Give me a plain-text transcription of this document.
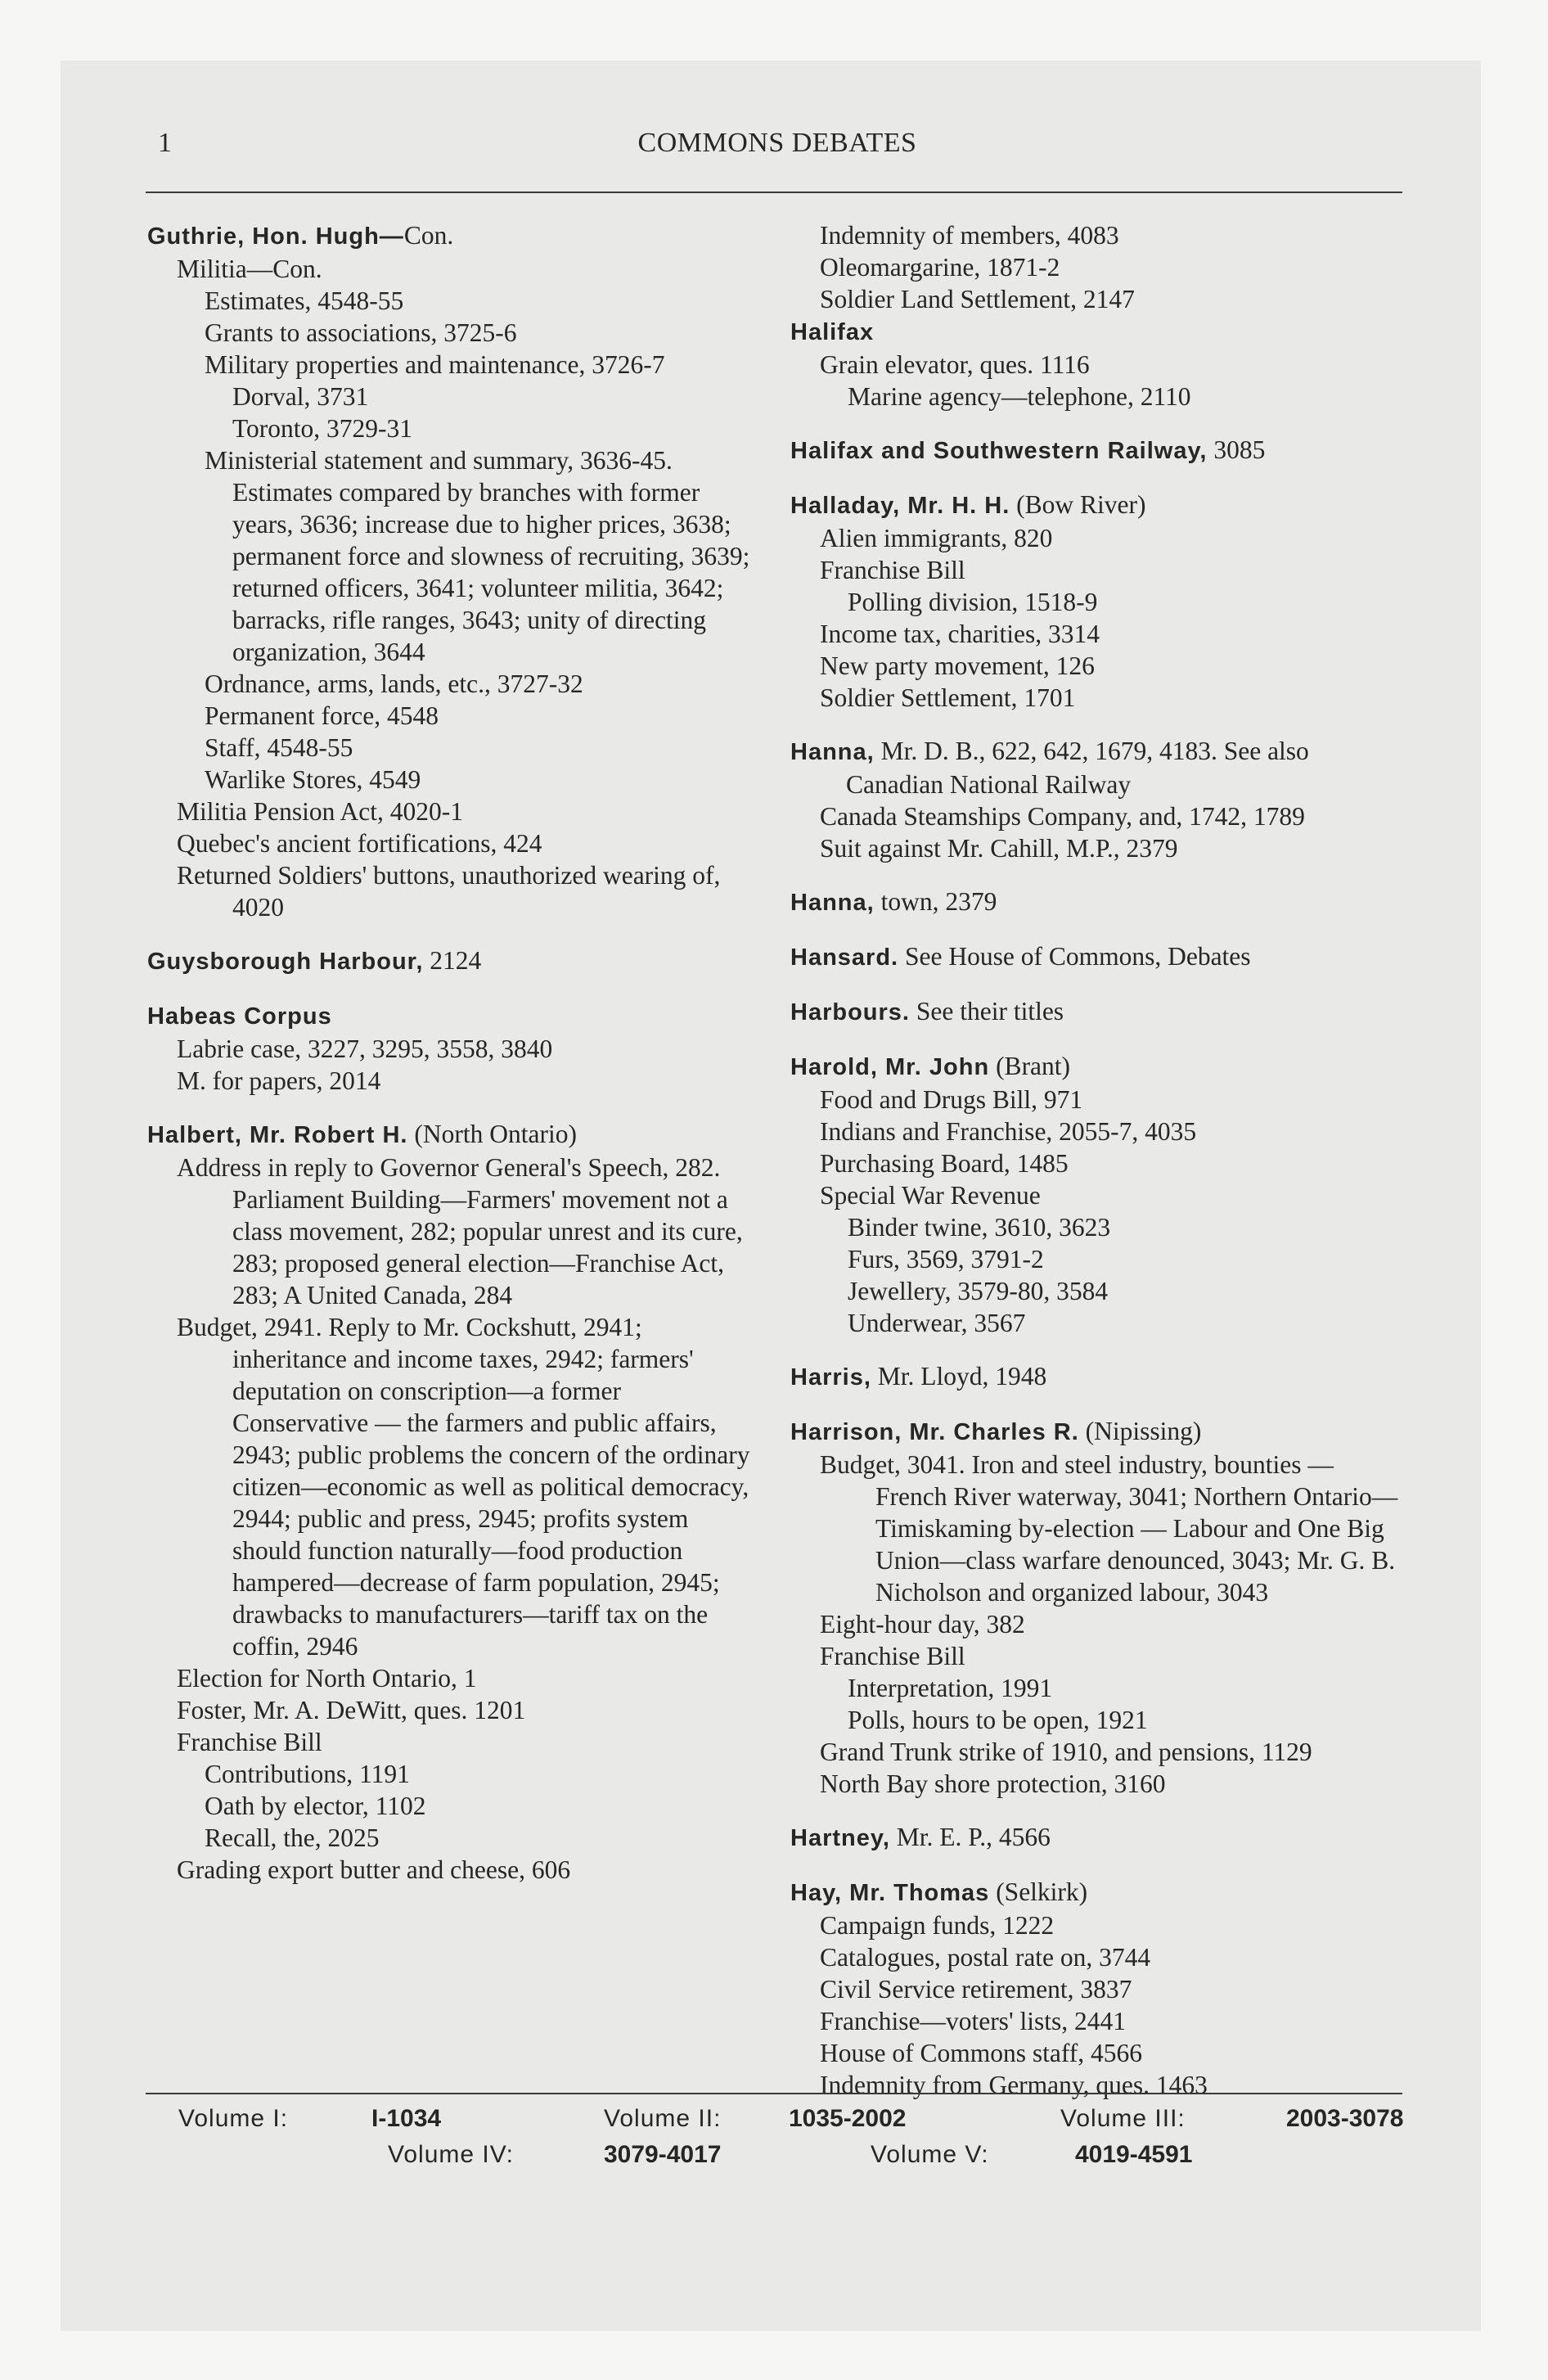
1	COMMONS DEBATES
Guthrie, Hon. Hugh—Con.
Militia—Con.
Estimates, 4548-55
Grants to associations, 3725-6
Military properties and maintenance, 3726-7
Dorval, 3731
Toronto, 3729-31
Ministerial statement and summary, 3636-45. Estimates compared by branches with former years, 3636; increase due to higher prices, 3638; permanent force and slowness of recruiting, 3639; returned officers, 3641; volunteer militia, 3642; barracks, rifle ranges, 3643; unity of directing organization, 3644
Ordnance, arms, lands, etc., 3727-32
Permanent force, 4548
Staff, 4548-55
Warlike Stores, 4549
Militia Pension Act, 4020-1
Quebec's ancient fortifications, 424
Returned Soldiers' buttons, unauthorized wearing of, 4020
Guysborough Harbour, 2124
Habeas Corpus
Labrie case, 3227, 3295, 3558, 3840
M. for papers, 2014
Halbert, Mr. Robert H. (North Ontario)
Address in reply to Governor General's Speech, 282. Parliament Building—Farmers' movement not a class movement, 282; popular unrest and its cure, 283; proposed general election—Franchise Act, 283; A United Canada, 284
Budget, 2941. Reply to Mr. Cockshutt, 2941; inheritance and income taxes, 2942; farmers' deputation on conscription—a former Conservative — the farmers and public affairs, 2943; public problems the concern of the ordinary citizen—economic as well as political democracy, 2944; public and press, 2945; profits system should function naturally—food production hampered—decrease of farm population, 2945; drawbacks to manufacturers—tariff tax on the coffin, 2946
Election for North Ontario, 1
Foster, Mr. A. DeWitt, ques. 1201
Franchise Bill
Contributions, 1191
Oath by elector, 1102
Recall, the, 2025
Grading export butter and cheese, 606
Indemnity of members, 4083
Oleomargarine, 1871-2
Soldier Land Settlement, 2147
Halifax
Grain elevator, ques. 1116
Marine agency—telephone, 2110
Halifax and Southwestern Railway, 3085
Halladay, Mr. H. H. (Bow River)
Alien immigrants, 820
Franchise Bill
Polling division, 1518-9
Income tax, charities, 3314
New party movement, 126
Soldier Settlement, 1701
Hanna, Mr. D. B., 622, 642, 1679, 4183. See also Canadian National Railway
Canada Steamships Company, and, 1742, 1789
Suit against Mr. Cahill, M.P., 2379
Hanna, town, 2379
Hansard. See House of Commons, Debates
Harbours. See their titles
Harold, Mr. John (Brant)
Food and Drugs Bill, 971
Indians and Franchise, 2055-7, 4035
Purchasing Board, 1485
Special War Revenue
Binder twine, 3610, 3623
Furs, 3569, 3791-2
Jewellery, 3579-80, 3584
Underwear, 3567
Harris, Mr. Lloyd, 1948
Harrison, Mr. Charles R. (Nipissing)
Budget, 3041. Iron and steel industry, bounties — French River waterway, 3041; Northern Ontario—Timiskaming by-election — Labour and One Big Union—class warfare denounced, 3043; Mr. G. B. Nicholson and organized labour, 3043
Eight-hour day, 382
Franchise Bill
Interpretation, 1991
Polls, hours to be open, 1921
Grand Trunk strike of 1910, and pensions, 1129
North Bay shore protection, 3160
Hartney, Mr. E. P., 4566
Hay, Mr. Thomas (Selkirk)
Campaign funds, 1222
Catalogues, postal rate on, 3744
Civil Service retirement, 3837
Franchise—voters' lists, 2441
House of Commons staff, 4566
Indemnity from Germany, ques. 1463
Volume I:	I-1034	Volume II:	1035-2002	Volume III:	2003-3078
Volume IV:	3079-4017	Volume V:	4019-4591
